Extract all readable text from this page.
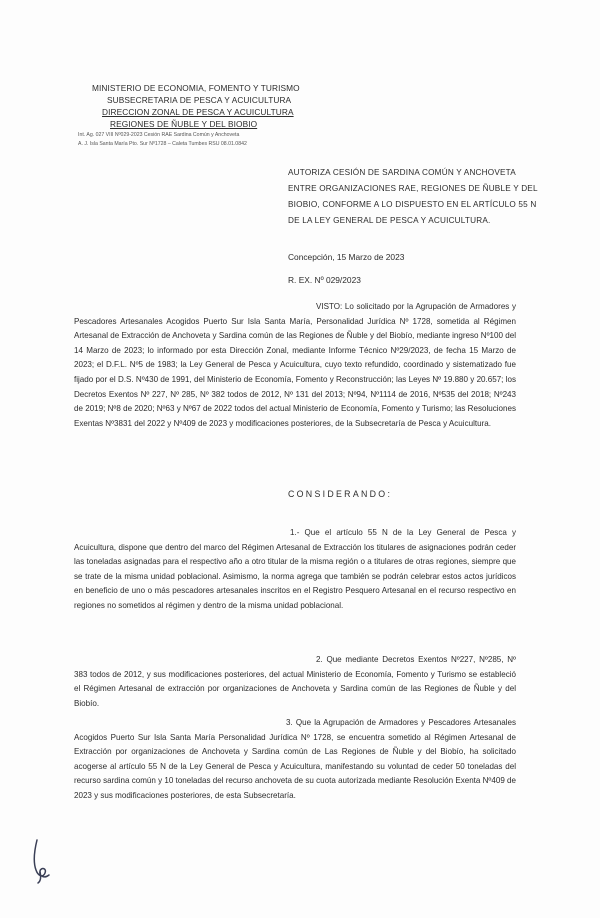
MINISTERIO DE ECONOMIA, FOMENTO Y TURISMO
SUBSECRETARIA DE PESCA Y ACUICULTURA
DIRECCION ZONAL DE PESCA Y ACUICULTURA
REGIONES DE ÑUBLE Y DEL BIOBIO
Int. Ag. 027 VIII Nº029-2023 Cesión RAE Sardina Común y Anchoveta
A. J. Isla Santa María Pto. Sur Nº1728 – Caleta Tumbes RSU 08.01.0842
AUTORIZA CESIÓN DE SARDINA COMÚN Y ANCHOVETA ENTRE ORGANIZACIONES RAE, REGIONES DE ÑUBLE Y DEL BIOBIO, CONFORME A LO DISPUESTO EN EL ARTÍCULO 55 N DE LA LEY GENERAL DE PESCA Y ACUICULTURA.
Concepción, 15 Marzo de 2023
R. EX. Nº 029/2023
VISTO: Lo solicitado por la Agrupación de Armadores y Pescadores Artesanales Acogidos Puerto Sur Isla Santa María, Personalidad Jurídica Nº 1728, sometida al Régimen Artesanal de Extracción de Anchoveta y Sardina común de las Regiones de Ñuble y del Biobío, mediante ingreso Nº100 del 14 Marzo de 2023; lo informado por esta Dirección Zonal, mediante Informe Técnico Nº29/2023, de fecha 15 Marzo de 2023; el D.F.L. Nº5 de 1983; la Ley General de Pesca y Acuicultura, cuyo texto refundido, coordinado y sistematizado fue fijado por el D.S. Nº430 de 1991, del Ministerio de Economía, Fomento y Reconstrucción; las Leyes Nº 19.880 y 20.657; los Decretos Exentos Nº 227, Nº 285, Nº 382 todos de 2012, Nº 131 del 2013; Nº94, Nº1114 de 2016, Nº535 del 2018; Nº243 de 2019; Nº8 de 2020; Nº63 y Nº67 de 2022 todos del actual Ministerio de Economía, Fomento y Turismo; las Resoluciones Exentas Nº3831 del 2022 y Nº409 de 2023 y modificaciones posteriores, de la Subsecretaría de Pesca y Acuicultura.
CONSIDERANDO:
1.- Que el artículo 55 N de la Ley General de Pesca y Acuicultura, dispone que dentro del marco del Régimen Artesanal de Extracción los titulares de asignaciones podrán ceder las toneladas asignadas para el respectivo año a otro titular de la misma región o a titulares de otras regiones, siempre que se trate de la misma unidad poblacional. Asimismo, la norma agrega que también se podrán celebrar estos actos jurídicos en beneficio de uno o más pescadores artesanales inscritos en el Registro Pesquero Artesanal en el recurso respectivo en regiones no sometidos al régimen y dentro de la misma unidad poblacional.
2. Que mediante Decretos Exentos Nº227, Nº285, Nº 383 todos de 2012, y sus modificaciones posteriores, del actual Ministerio de Economía, Fomento y Turismo se estableció el Régimen Artesanal de extracción por organizaciones de Anchoveta y Sardina común de las Regiones de Ñuble y del Biobío.
3. Que la Agrupación de Armadores y Pescadores Artesanales Acogidos Puerto Sur Isla Santa María Personalidad Jurídica Nº 1728, se encuentra sometido al Régimen Artesanal de Extracción por organizaciones de Anchoveta y Sardina común de Las Regiones de Ñuble y del Biobío, ha solicitado acogerse al artículo 55 N de la Ley General de Pesca y Acuicultura, manifestando su voluntad de ceder 50 toneladas del recurso sardina común y 10 toneladas del recurso anchoveta de su cuota autorizada mediante Resolución Exenta Nº409 de 2023 y sus modificaciones posteriores, de esta Subsecretaría.
